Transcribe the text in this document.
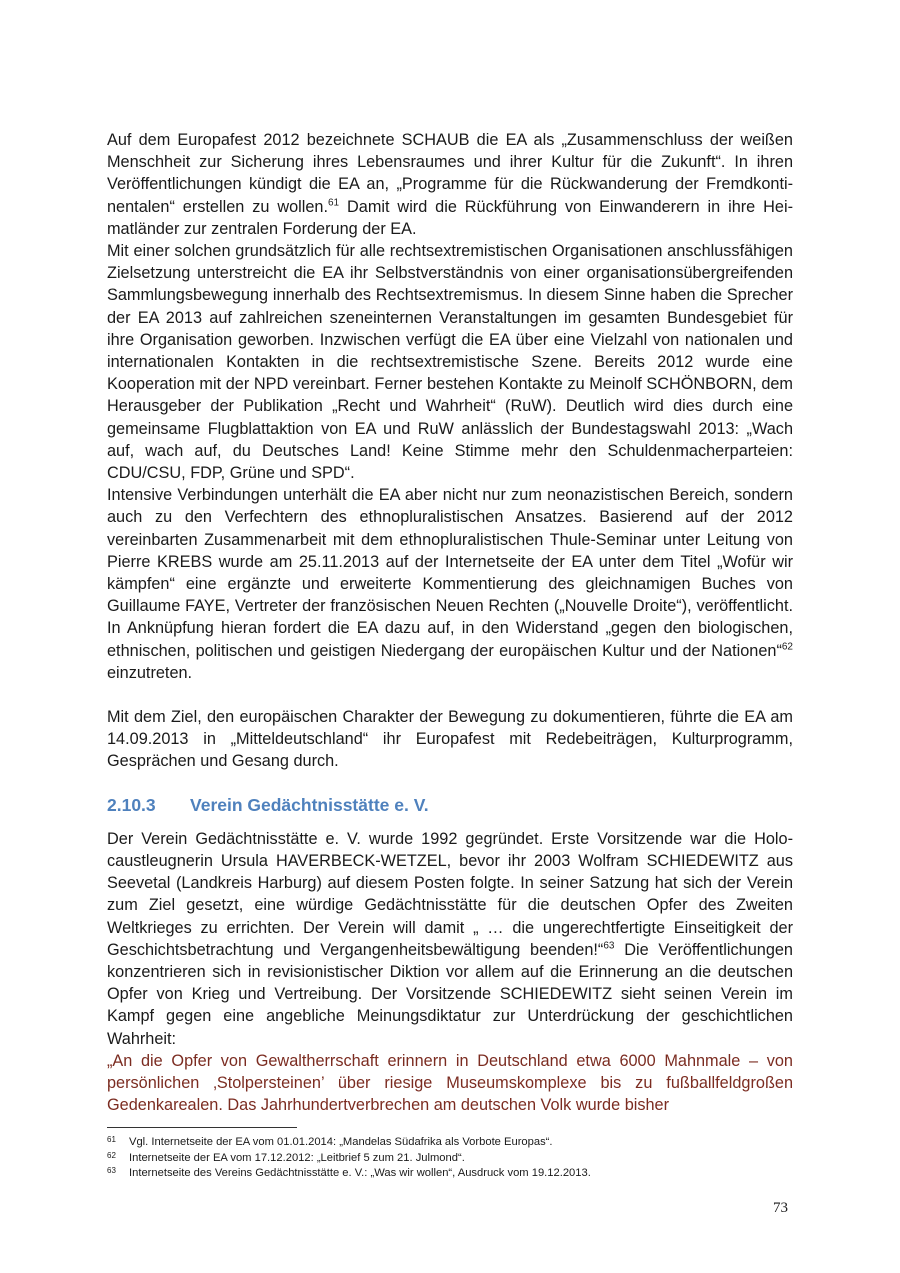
Auf dem Europafest 2012 bezeichnete SCHAUB die EA als „Zusammenschluss der weißen Menschheit zur Sicherung ihres Lebensraumes und ihrer Kultur für die Zukunft“. In ihren Veröffentlichungen kündigt die EA an, „Programme für die Rückwanderung der Fremdkontinentalen“ erstellen zu wollen.$^{61}$ Damit wird die Rückführung von Einwanderern in ihre Heimatländer zur zentralen Forderung der EA.

Mit einer solchen grundsätzlich für alle rechtsextremistischen Organisationen anschlussfähigen Zielsetzung unterstreicht die EA ihr Selbstverständnis von einer organisationsübergreifenden Sammlungsbewegung innerhalb des Rechtsextremismus. In diesem Sinne haben die Sprecher der EA 2013 auf zahlreichen szeneinternen Veranstaltungen im gesamten Bundesgebiet für ihre Organisation geworben. Inzwischen verfügt die EA über eine Vielzahl von nationalen und internationalen Kontakten in die rechtsextremistische Szene. Bereits 2012 wurde eine Kooperation mit der NPD vereinbart. Ferner bestehen Kontakte zu Meinolf SCHÖNBORN, dem Herausgeber der Publikation „Recht und Wahrheit“ (RuW). Deutlich wird dies durch eine gemeinsame Flugblattaktion von EA und RuW anlässlich der Bundestagswahl 2013: „Wach auf, wach auf, du Deutsches Land! Keine Stimme mehr den Schuldenmacherparteien: CDU/CSU, FDP, Grüne und SPD“.

Intensive Verbindungen unterhält die EA aber nicht nur zum neonazistischen Bereich, sondern auch zu den Verfechtern des ethnopluralistischen Ansatzes. Basierend auf der 2012 vereinbarten Zusammenarbeit mit dem ethnopluralistischen Thule-Seminar unter Leitung von Pierre KREBS wurde am 25.11.2013 auf der Internetseite der EA unter dem Titel „Wofür wir kämpfen“ eine ergänzte und erweiterte Kommentierung des gleichnamigen Buches von Guillaume FAYE, Vertreter der französischen Neuen Rechten („Nouvelle Droite“), veröffentlicht. In Anknüpfung hieran fordert die EA dazu auf, in den Widerstand „gegen den biologischen, ethnischen, politischen und geistigen Niedergang der europäischen Kultur und der Nationen“$^{62}$ einzutreten.

Mit dem Ziel, den europäischen Charakter der Bewegung zu dokumentieren, führte die EA am 14.09.2013 in „Mitteldeutschland“ ihr Europafest mit Redebeiträgen, Kulturprogramm, Gesprächen und Gesang durch.

2.10.3 Verein Gedächtnisstätte e. V.

Der Verein Gedächtnisstätte e. V. wurde 1992 gegründet. Erste Vorsitzende war die Holocaustleugnerin Ursula HAVERBECK-WETZEL, bevor ihr 2003 Wolfram SCHIEDEWITZ aus Seevetal (Landkreis Harburg) auf diesem Posten folgte. In seiner Satzung hat sich der Verein zum Ziel gesetzt, eine würdige Gedächtnisstätte für die deutschen Opfer des Zweiten Weltkrieges zu errichten. Der Verein will damit „ … die ungerechtfertigte Einseitigkeit der Geschichtsbetrachtung und Vergangenheitsbewältigung beenden!“$^{63}$ Die Veröffentlichungen konzentrieren sich in revisionistischer Diktion vor allem auf die Erinnerung an die deutschen Opfer von Krieg und Vertreibung. Der Vorsitzende SCHIEDEWITZ sieht seinen Verein im Kampf gegen eine angebliche Meinungsdiktatur zur Unterdrückung der geschichtlichen Wahrheit:

„An die Opfer von Gewaltherrschaft erinnern in Deutschland etwa 6000 Mahnmale – von persönlichen ‚Stolpersteinen’ über riesige Museumskomplexe bis zu fußballfeldgroßen Gedenkarealen. Das Jahrhundertverbrechen am deutschen Volk wurde bisher

61	Vgl. Internetseite der EA vom 01.01.2014: „Mandelas Südafrika als Vorbote Europas“.
62	Internetseite der EA vom 17.12.2012: „Leitbrief 5 zum 21. Julmond“.
63	Internetseite des Vereins Gedächtnisstätte e. V.: „Was wir wollen“, Ausdruck vom 19.12.2013.
73
